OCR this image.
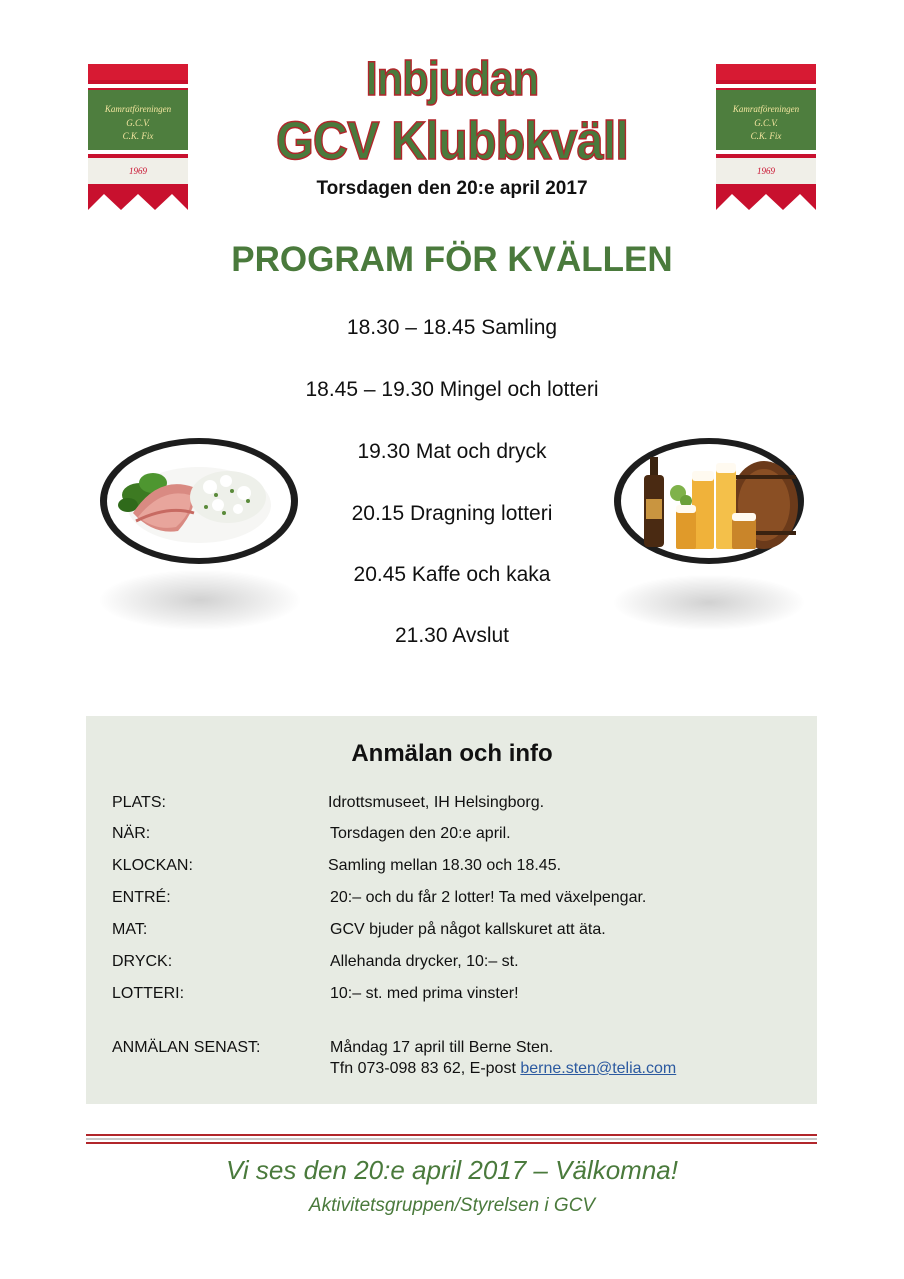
Kamratföreningen
G.C.V.
C.K. Fix
1969
Kamratföreningen
G.C.V.
C.K. Fix
1969
Inbjudan
GCV Klubbkväll
Torsdagen den 20:e april 2017
PROGRAM FÖR KVÄLLEN
18.30 – 18.45 Samling
18.45 – 19.30 Mingel och lotteri
19.30 Mat och dryck
20.15 Dragning lotteri
20.45 Kaffe och kaka
21.30 Avslut
Anmälan och info
PLATS:	Idrottsmuseet, IH Helsingborg.
NÄR:	Torsdagen den 20:e april.
KLOCKAN:	Samling mellan 18.30 och 18.45.
ENTRÉ:	20:– och du får 2 lotter! Ta med växelpengar.
MAT:	GCV bjuder på något kallskuret att äta.
DRYCK:	Allehanda drycker, 10:– st.
LOTTERI:	10:– st. med prima vinster!
ANMÄLAN SENAST:	Måndag 17 april till Berne Sten.
Tfn 073-098 83 62, E-post berne.sten@telia.com
Vi ses den 20:e april 2017 – Välkomna!
Aktivitetsgruppen/Styrelsen i GCV
